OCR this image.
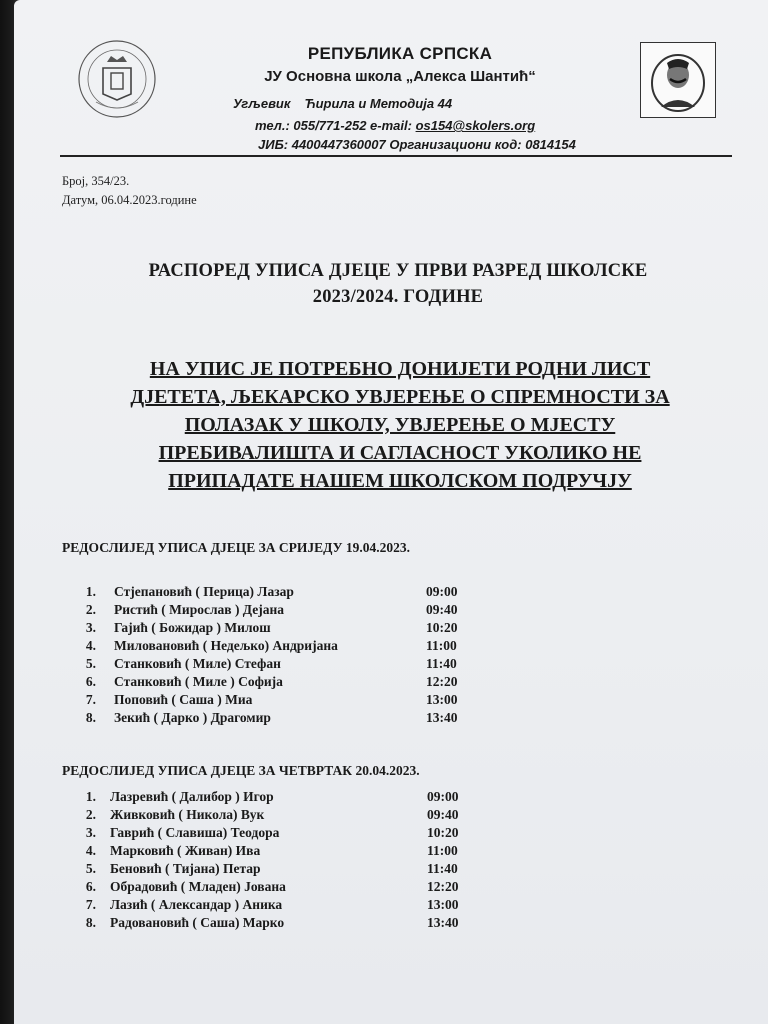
РЕПУБЛИКА СРПСКА
ЈУ Основна школа „Алекса Шантић“
Угљевик Ћирила и Методија 44
тел.: 055/771-252 e-mail: os154@skolers.org
ЈИБ: 4400447360007 Организациони код: 0814154
Број, 354/23.
Датум, 06.04.2023.године
РАСПОРЕД УПИСА ДЈЕЦЕ У ПРВИ РАЗРЕД ШКОЛСКЕ
2023/2024. ГОДИНЕ
НА УПИС ЈЕ ПОТРЕБНО ДОНИЈЕТИ РОДНИ ЛИСТ
ДЈЕТЕТА, ЉЕКАРСКО УВЈЕРЕЊЕ О СПРЕМНОСТИ ЗА
ПОЛАЗАК У ШКОЛУ, УВЈЕРЕЊЕ О МЈЕСТУ
ПРЕБИВАЛИШТА И САГЛАСНОСТ УКОЛИКО НЕ
ПРИПАДАТЕ НАШЕМ ШКОЛСКОМ ПОДРУЧЈУ
РЕДОСЛИЈЕД УПИСА ДЈЕЦЕ ЗА СРИЈЕДУ 19.04.2023.
1. Стјепановић ( Перица) Лазар	09:00
2. Ристић ( Мирослав ) Дејана	09:40
3. Гајић ( Божидар ) Милош	10:20
4. Миловановић ( Недељко) Андријана	11:00
5. Станковић ( Миле) Стефан	11:40
6. Станковић ( Миле ) Софија	12:20
7. Поповић ( Саша ) Миа	13:00
8. Зекић ( Дарко ) Драгомир	13:40
РЕДОСЛИЈЕД УПИСА ДЈЕЦЕ ЗА ЧЕТВРТАК 20.04.2023.
1. Лазревић ( Далибор ) Игор	09:00
2. Живковић ( Никола) Вук	09:40
3. Гаврић ( Славиша) Теодора	10:20
4. Марковић ( Живан) Ива	11:00
5. Беновић ( Тијана) Петар	11:40
6. Обрадовић ( Младен) Јована	12:20
7. Лазић ( Александар ) Аника	13:00
8. Радовановић ( Саша) Марко	13:40
